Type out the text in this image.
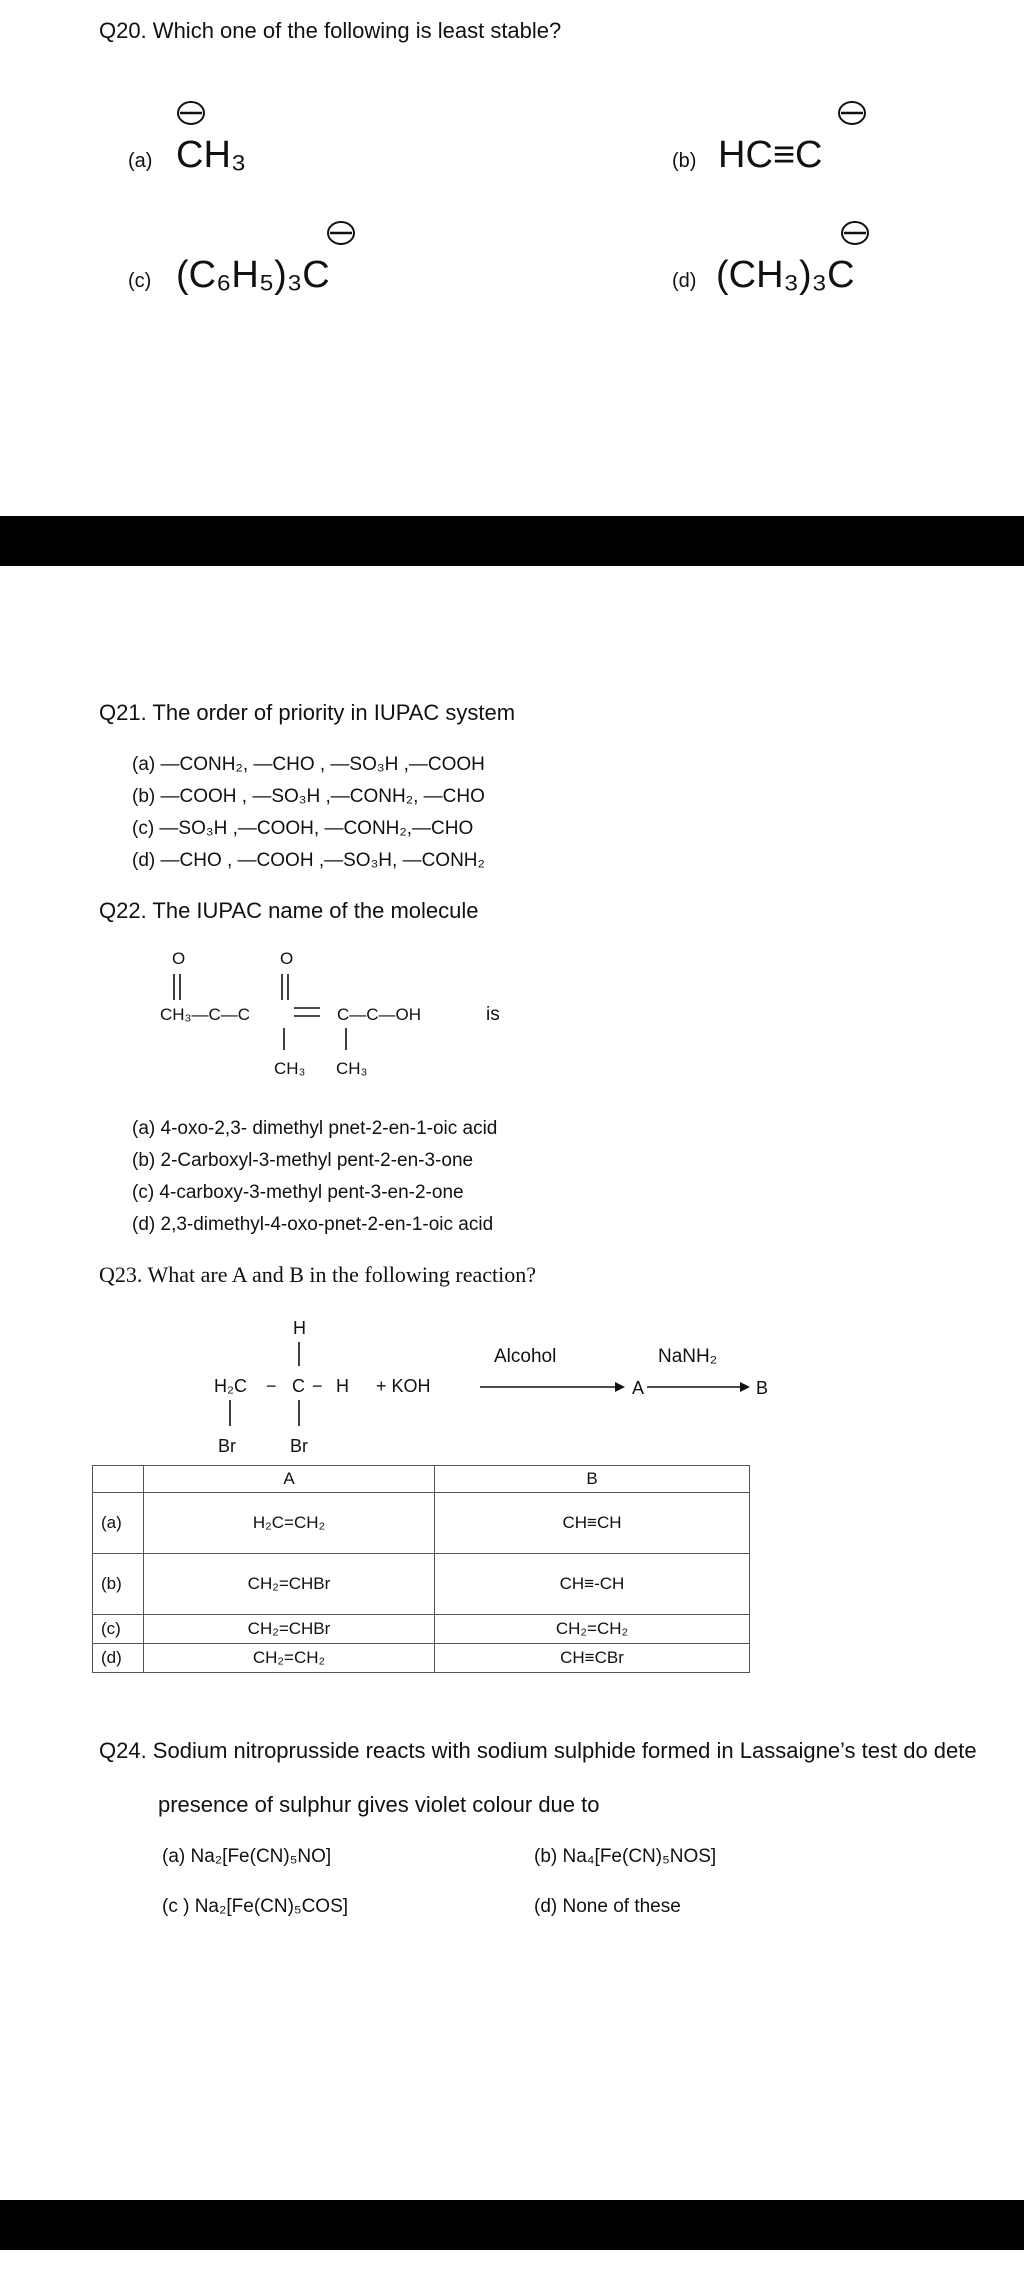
Q20. Which one of the following is least stable?
(a) CH₃	(b) HC≡C
(c) (C₆H₅)₃C	(d) (CH₃)₃C
Q21. The order of priority in IUPAC system
(a) —CONH₂, —CHO , —SO₃H ,—COOH
(b) —COOH , —SO₃H ,—CONH₂, —CHO
(c) —SO₃H ,—COOH, —CONH₂,—CHO
(d) —CHO , —COOH ,—SO₃H, —CONH₂
Q22. The IUPAC name of the molecule
O	O
CH₃—C—C	C—C—OH
CH₃ CH₃
is
(a) 4-oxo-2,3- dimethyl pnet-2-en-1-oic acid
(b) 2-Carboxyl-3-methyl pent-2-en-3-one
(c) 4-carboxy-3-methyl pent-3-en-2-one
(d) 2,3-dimethyl-4-oxo-pnet-2-en-1-oic acid
Q23. What are A and B in the following reaction?
H
H₂C − C − H
Br	Br
+ KOH
Alcohol
A
NaNH₂
B
	A	B
(a)	H₂C=CH₂	CH≡CH
(b)	CH₂=CHBr	CH≡-CH
(c)	CH₂=CHBr	CH₂=CH₂
(d)	CH₂=CH₂	CH≡CBr
Q24. Sodium nitroprusside reacts with sodium sulphide formed in Lassaigne’s test do dete
presence of sulphur gives violet colour due to
(a) Na₂[Fe(CN)₅NO]	(b) Na₄[Fe(CN)₅NOS]
(c ) Na₂[Fe(CN)₅COS]	(d) None of these
